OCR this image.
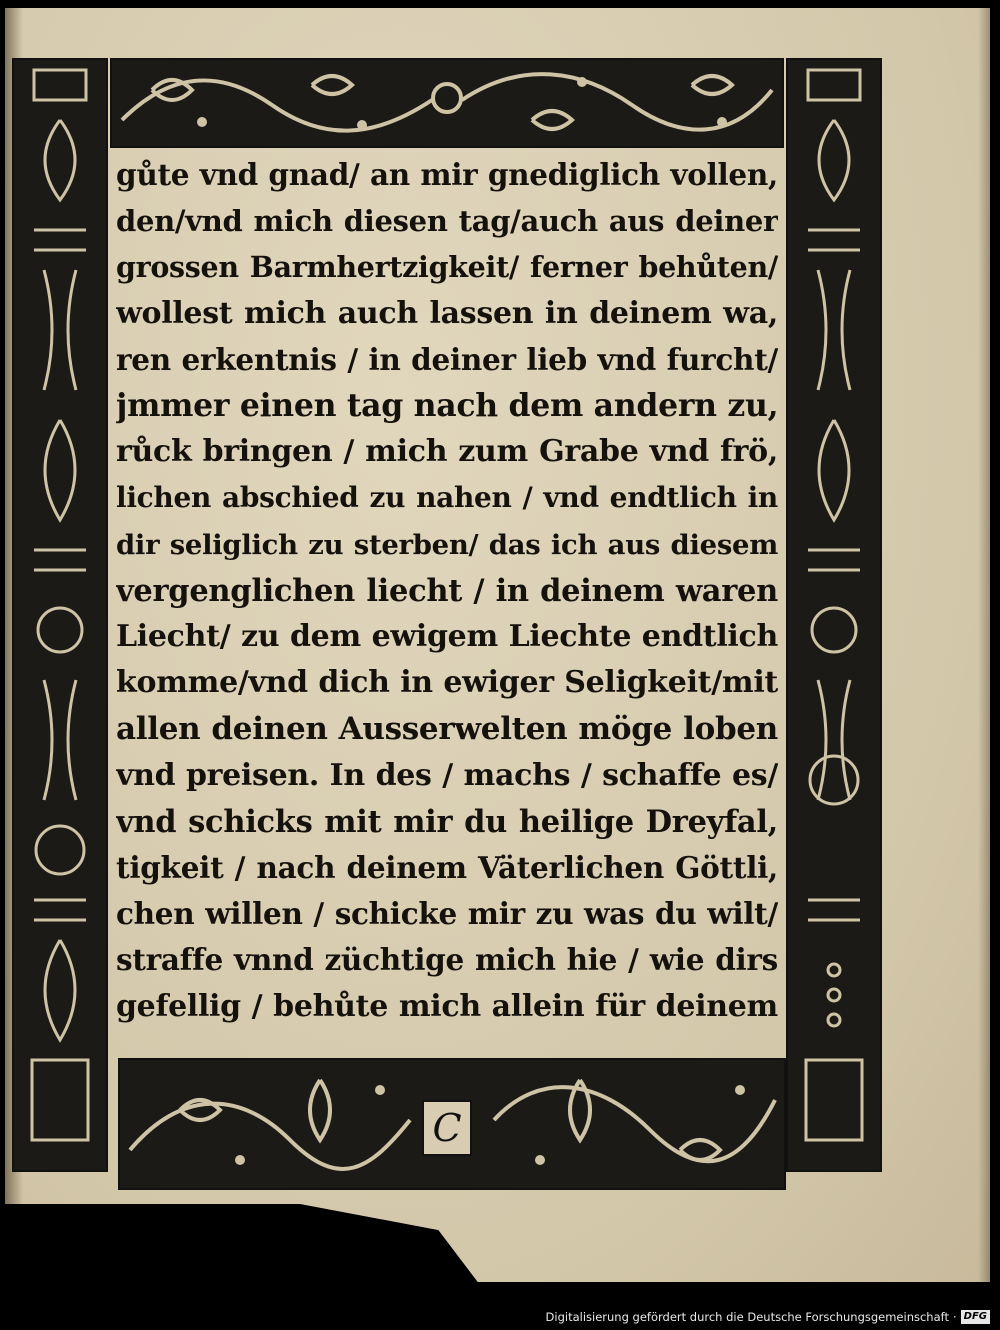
C
gůte vnd gnad/ an mir gnediglich vollen,
den/vnd mich diesen tag/auch aus deiner
grossen Barmhertzigkeit/ ferner behůten/
wollest mich auch lassen in deinem wa,
ren erkentnis / in deiner lieb vnd furcht/
jmmer einen tag nach dem andern zu,
růck bringen / mich zum Grabe vnd frö,
lichen abschied zu nahen / vnd endtlich in
dir seliglich zu sterben/ das ich aus diesem
vergenglichen liecht / in deinem waren
Liecht/ zu dem ewigem Liechte endtlich
komme/vnd dich in ewiger Seligkeit/mit
allen deinen Ausserwelten möge loben
vnd preisen. In des / machs / schaffe es/
vnd schicks mit mir du heilige Dreyfal,
tigkeit / nach deinem Väterlichen Göttli,
chen willen / schicke mir zu was du wilt/
straffe vnnd züchtige mich hie / wie dirs
gefellig / behůte mich allein für deinem
Digitalisierung gefördert durch die Deutsche Forschungsgemeinschaft · DFG
